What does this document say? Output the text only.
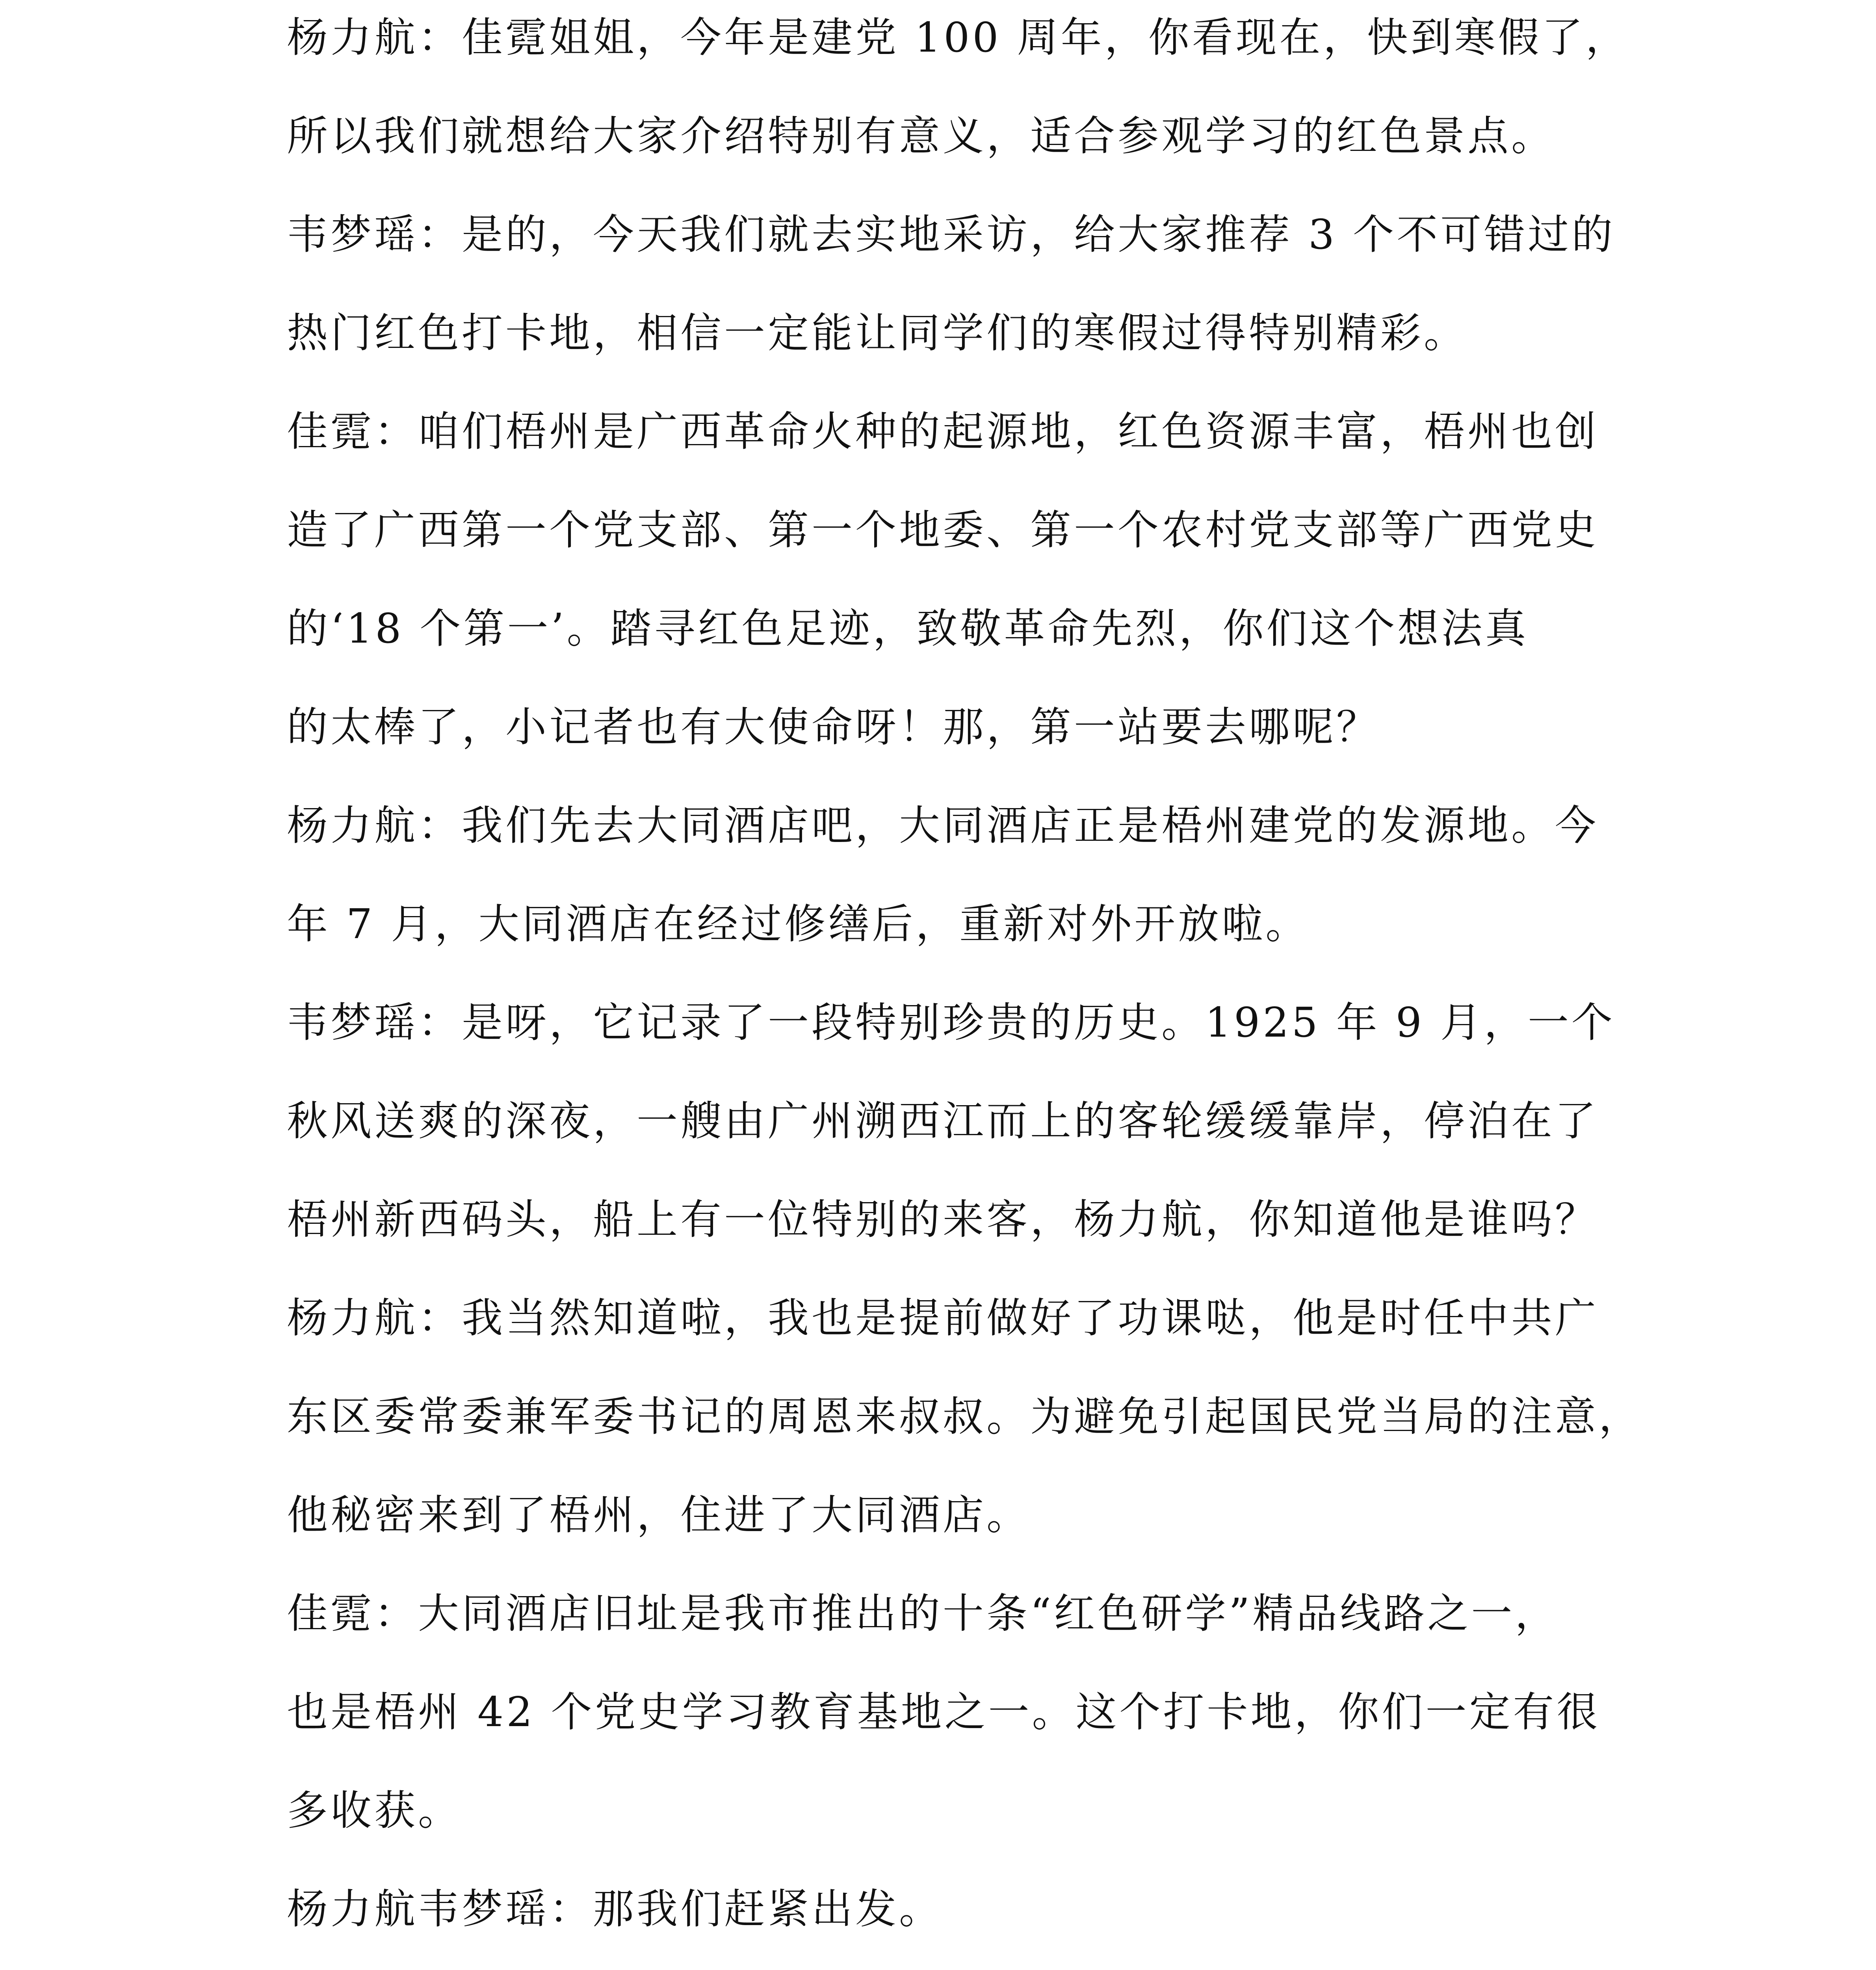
杨力航：佳霓姐姐，今年是建党 100 周年，你看现在，快到寒假了，
所以我们就想给大家介绍特别有意义，适合参观学习的红色景点。
韦梦瑶：是的，今天我们就去实地采访，给大家推荐 3 个不可错过的
热门红色打卡地，相信一定能让同学们的寒假过得特别精彩。
佳霓：咱们梧州是广西革命火种的起源地，红色资源丰富，梧州也创
造了广西第一个党支部、第一个地委、第一个农村党支部等广西党史
的‘18 个第一’。踏寻红色足迹，致敬革命先烈，你们这个想法真
的太棒了，小记者也有大使命呀！那，第一站要去哪呢？
杨力航：我们先去大同酒店吧，大同酒店正是梧州建党的发源地。今
年 7 月，大同酒店在经过修缮后，重新对外开放啦。
韦梦瑶：是呀，它记录了一段特别珍贵的历史。1925 年 9 月，一个
秋风送爽的深夜，一艘由广州溯西江而上的客轮缓缓靠岸，停泊在了
梧州新西码头，船上有一位特别的来客，杨力航，你知道他是谁吗？
杨力航：我当然知道啦，我也是提前做好了功课哒，他是时任中共广
东区委常委兼军委书记的周恩来叔叔。为避免引起国民党当局的注意，
他秘密来到了梧州，住进了大同酒店。
佳霓：大同酒店旧址是我市推出的十条“红色研学”精品线路之一，
也是梧州 42 个党史学习教育基地之一。这个打卡地，你们一定有很
多收获。
杨力航韦梦瑶：那我们赶紧出发。
